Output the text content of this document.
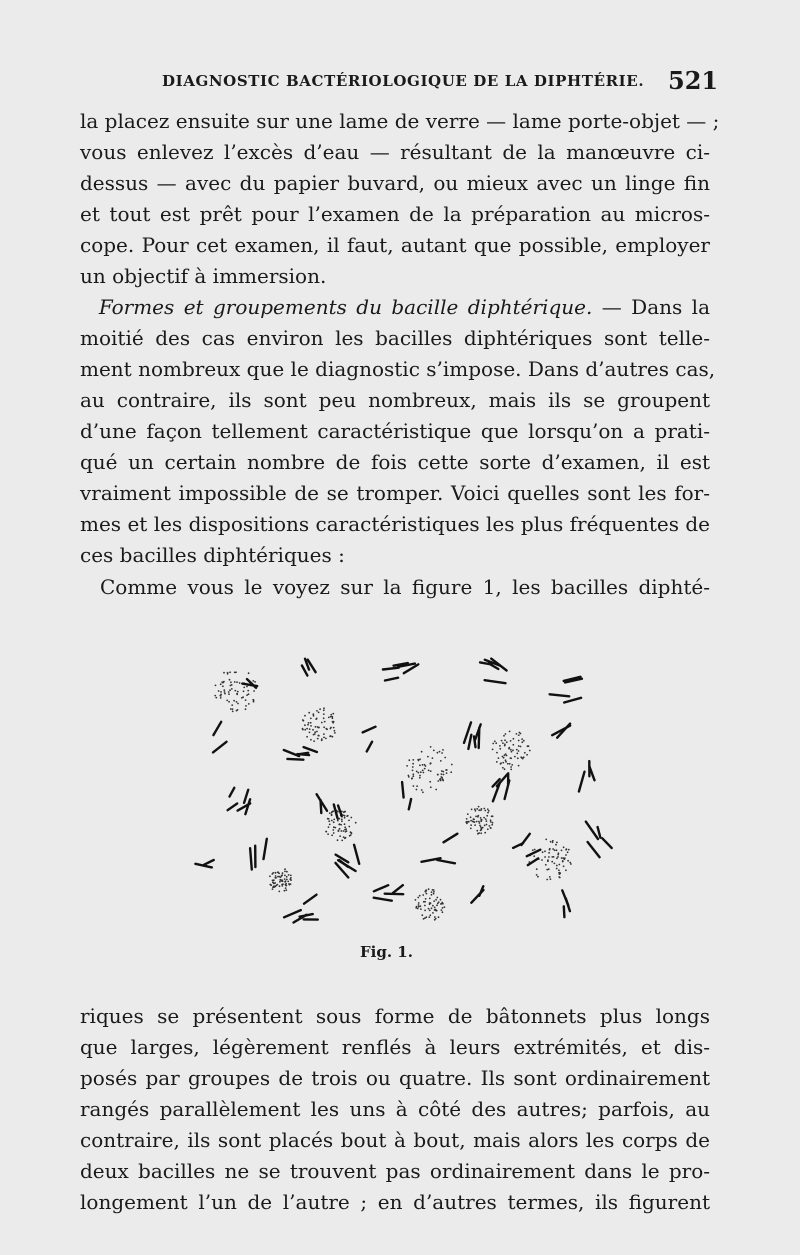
DIAGNOSTIC BACTÉRIOLOGIQUE DE LA DIPHTÉRIE. 521
la placez ensuite sur une lame de verre — lame porte-objet — ;
vous enlevez l’excès d’eau — résultant de la manœuvre ci-
dessus — avec du papier buvard, ou mieux avec un linge fin
et tout est prêt pour l’examen de la préparation au micros-
cope. Pour cet examen, il faut, autant que possible, employer
un objectif à immersion.
Formes et groupements du bacille diphtérique. — Dans la
moitié des cas environ les bacilles diphtériques sont telle-
ment nombreux que le diagnostic s’impose. Dans d’autres cas,
au contraire, ils sont peu nombreux, mais ils se groupent
d’une façon tellement caractéristique que lorsqu’on a prati-
qué un certain nombre de fois cette sorte d’examen, il est
vraiment impossible de se tromper. Voici quelles sont les for-
mes et les dispositions caractéristiques les plus fréquentes de
ces bacilles diphtériques :
Comme vous le voyez sur la figure 1, les bacilles diphté-
Fig. 1.
riques se présentent sous forme de bâtonnets plus longs
que larges, légèrement renflés à leurs extrémités, et dis-
posés par groupes de trois ou quatre. Ils sont ordinairement
rangés parallèlement les uns à côté des autres; parfois, au
contraire, ils sont placés bout à bout, mais alors les corps de
deux bacilles ne se trouvent pas ordinairement dans le pro-
longement l’un de l’autre ; en d’autres termes, ils figurent
